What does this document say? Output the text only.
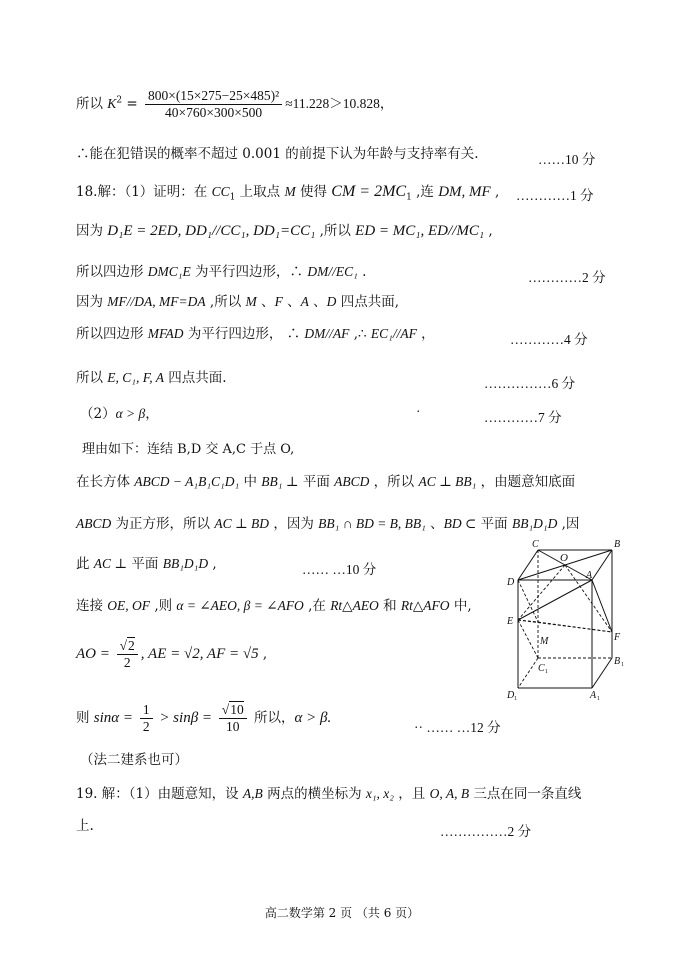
所以 $K^2 = \frac{\text{800×(15×275−25×485)²}}{40\times 760\times 300\times 500} \approx 11.228>10.828$，
∴能在犯错误的概率不超过 0.001 的前提下认为年龄与支持率有关.	……10 分
18.解：（1）证明：在 $CC_1$ 上取点 M 使得 CM = $2MC_1$ ,连 DM, MF , …………1 分
因为 D₁E = 2ED, DD₁//CC₁, DD₁=CC₁ ,所以 ED = MC₁, ED//MC₁ ,
所以四边形 DMC₁E 为平行四边形，∴ DM//EC₁ .	…………2 分
因为 MF//DA, MF=DA ,所以 M 、F 、A 、D 四点共面,
所以四边形 MFAD 为平行四边形， ∴ DM//AF ,∴ EC₁//AF ，	…………4 分
所以 E, C₁, F, A 四点共面.	……………6 分
（2）α > β，	·	…………7 分
理由如下：连结 B,D 交 A,C 于点 O,
在长方体 ABCD − A₁B₁C₁D₁ 中 BB₁ ⊥ 平面 ABCD ，所以 AC ⊥ BB₁ ，由题意知底面
ABCD 为正方形，所以 AC ⊥ BD ，因为 BB₁ ∩ BD = B, BB₁ 、BD ⊂ 平面 BB₁D₁D ,因
此 AC ⊥ 平面 BB₁D₁D ,	…… …10 分
连接 OE, OF ,则 α = ∠AEO, β = ∠AFO ,在 Rt△AEO 和 Rt△AFO 中,
AO = $\frac{√2}{2}$ , AE = √2, AF = √5 ,
则 $\sin\alpha = \frac{1}{2} > \sin\beta = \frac{√10}{10}$ 所以，α > β.
·· …… …12 分
（法二建系也可）
19. 解：（1）由题意知，设 A,B 两点的横坐标为 x₁, x₂ ，且 O, A, B 三点在同一条直线
上.	……………2 分
C
O
B
D
A
E
M	F
C 1
B 1
D 1	A 1
高二数学第 2 页 （共 6 页）
